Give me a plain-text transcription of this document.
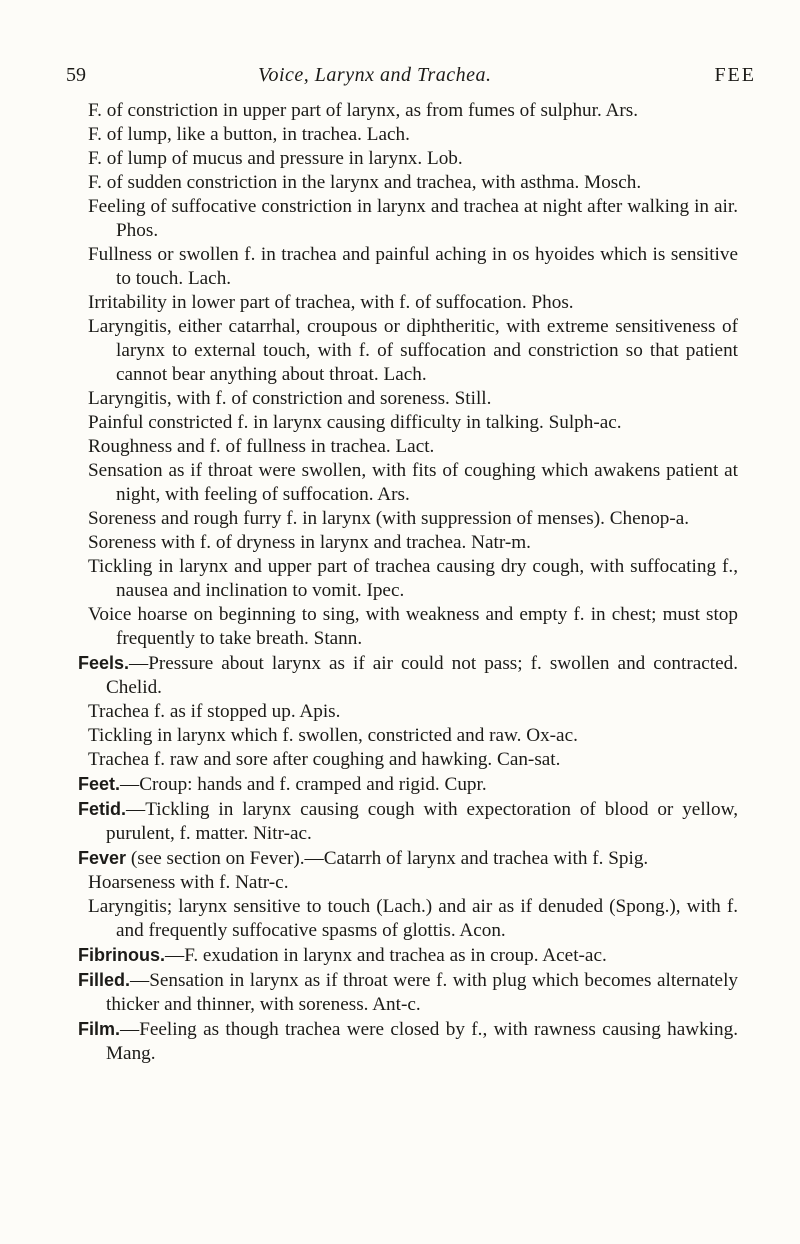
59	Voice, Larynx and Trachea.	FEE

F. of constriction in upper part of larynx, as from fumes of sulphur. Ars.

F. of lump, like a button, in trachea. Lach.

F. of lump of mucus and pressure in larynx. Lob.

F. of sudden constriction in the larynx and trachea, with asthma. Mosch.

Feeling of suffocative constriction in larynx and trachea at night after walking in air. Phos.

Fullness or swollen f. in trachea and painful aching in os hyoides which is sensitive to touch. Lach.

Irritability in lower part of trachea, with f. of suffocation. Phos.

Laryngitis, either catarrhal, croupous or diphtheritic, with extreme sensitiveness of larynx to external touch, with f. of suffocation and constriction so that patient cannot bear anything about throat. Lach.

Laryngitis, with f. of constriction and soreness. Still.

Painful constricted f. in larynx causing difficulty in talking. Sulph-ac.

Roughness and f. of fullness in trachea. Lact.

Sensation as if throat were swollen, with fits of coughing which awakens patient at night, with feeling of suffocation. Ars.

Soreness and rough furry f. in larynx (with suppression of menses). Chenop-a.

Soreness with f. of dryness in larynx and trachea. Natr-m.

Tickling in larynx and upper part of trachea causing dry cough, with suffocating f., nausea and inclination to vomit. Ipec.

Voice hoarse on beginning to sing, with weakness and empty f. in chest; must stop frequently to take breath. Stann.

Feels.—Pressure about larynx as if air could not pass; f. swollen and contracted. Chelid.

Trachea f. as if stopped up. Apis.

Tickling in larynx which f. swollen, constricted and raw. Ox-ac.

Trachea f. raw and sore after coughing and hawking. Can-sat.

Feet.—Croup: hands and f. cramped and rigid. Cupr.

Fetid.—Tickling in larynx causing cough with expectoration of blood or yellow, purulent, f. matter. Nitr-ac.

Fever (see section on Fever).—Catarrh of larynx and trachea with f. Spig.

Hoarseness with f. Natr-c.

Laryngitis; larynx sensitive to touch (Lach.) and air as if denuded (Spong.), with f. and frequently suffocative spasms of glottis. Acon.

Fibrinous.—F. exudation in larynx and trachea as in croup. Acet-ac.

Filled.—Sensation in larynx as if throat were f. with plug which becomes alternately thicker and thinner, with soreness. Ant-c.

Film.—Feeling as though trachea were closed by f., with rawness causing hawking. Mang.
